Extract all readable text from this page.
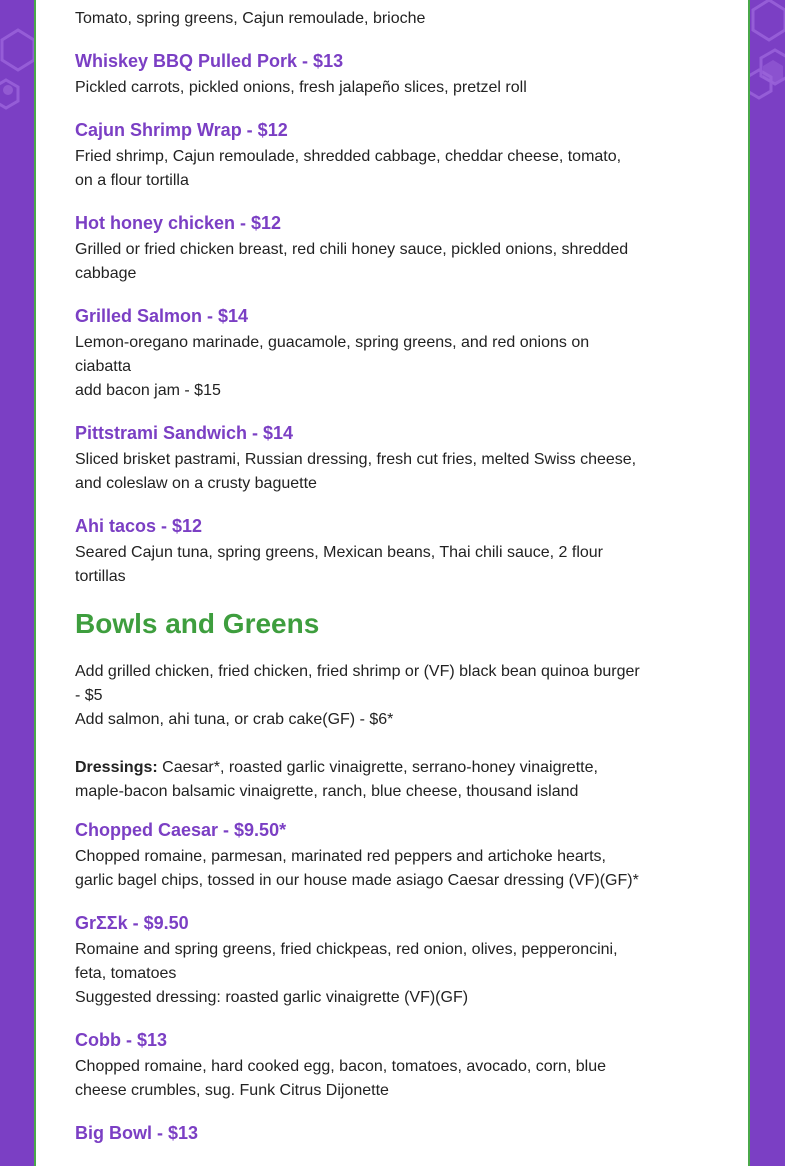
Tomato, spring greens, Cajun remoulade, brioche

Whiskey BBQ Pulled Pork - $13

Pickled carrots, pickled onions, fresh jalapeño slices, pretzel roll

Cajun Shrimp Wrap - $12

Fried shrimp, Cajun remoulade, shredded cabbage, cheddar cheese, tomato,

on a flour tortilla

Hot honey chicken - $12

Grilled or fried chicken breast, red chili honey sauce, pickled onions, shredded

cabbage

Grilled Salmon - $14

Lemon-oregano marinade, guacamole, spring greens, and red onions on

ciabatta

add bacon jam - $15

Pittstrami Sandwich - $14

Sliced brisket pastrami, Russian dressing, fresh cut fries, melted Swiss cheese,

and coleslaw on a crusty baguette

Ahi tacos - $12

Seared Cajun tuna, spring greens, Mexican beans, Thai chili sauce, 2 flour

tortillas

Bowls and Greens

Add grilled chicken, fried chicken, fried shrimp or (VF) black bean quinoa burger

- $5

Add salmon, ahi tuna, or crab cake(GF) - $6*

Dressings: Caesar*, roasted garlic vinaigrette, serrano-honey vinaigrette,

maple-bacon balsamic vinaigrette, ranch, blue cheese, thousand island

Chopped Caesar - $9.50*

Chopped romaine, parmesan, marinated red peppers and artichoke hearts,

garlic bagel chips, tossed in our house made asiago Caesar dressing (VF)(GF)*

GrΣΣk - $9.50

Romaine and spring greens, fried chickpeas, red onion, olives, pepperoncini,

feta, tomatoes

Suggested dressing: roasted garlic vinaigrette (VF)(GF)

Cobb - $13

Chopped romaine, hard cooked egg, bacon, tomatoes, avocado, corn, blue

cheese crumbles, sug. Funk Citrus Dijonette

Big Bowl - $13
